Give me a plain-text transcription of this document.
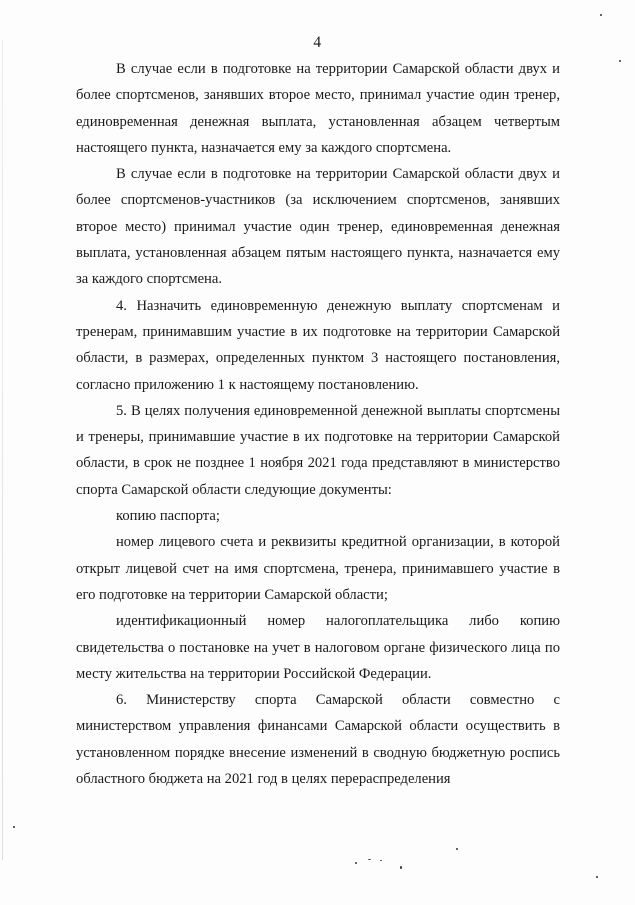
4

В случае если в подготовке на территории Самарской области двух и более спортсменов, занявших второе место, принимал участие один тренер, единовременная денежная выплата, установленная абзацем четвертым настоящего пункта, назначается ему за каждого спортсмена.

В случае если в подготовке на территории Самарской области двух и более спортсменов-участников (за исключением спортсменов, занявших второе место) принимал участие один тренер, единовременная денежная выплата, установленная абзацем пятым настоящего пункта, назначается ему за каждого спортсмена.

4. Назначить единовременную денежную выплату спортсменам и тренерам, принимавшим участие в их подготовке на территории Самарской области, в размерах, определенных пунктом 3 настоящего постановления, согласно приложению 1 к настоящему постановлению.

5. В целях получения единовременной денежной выплаты спортсмены и тренеры, принимавшие участие в их подготовке на территории Самарской области, в срок не позднее 1 ноября 2021 года представляют в министерство спорта Самарской области следующие документы:

копию паспорта;

номер лицевого счета и реквизиты кредитной организации, в которой открыт лицевой счет на имя спортсмена, тренера, принимавшего участие в его подготовке на территории Самарской области;

идентификационный номер налогоплательщика либо копию свидетельства о постановке на учет в налоговом органе физического лица по месту жительства на территории Российской Федерации.

6. Министерству спорта Самарской области совместно с министерством управления финансами Самарской области осуществить в установленном порядке внесение изменений в сводную бюджетную роспись областного бюджета на 2021 год в целях перераспределения
